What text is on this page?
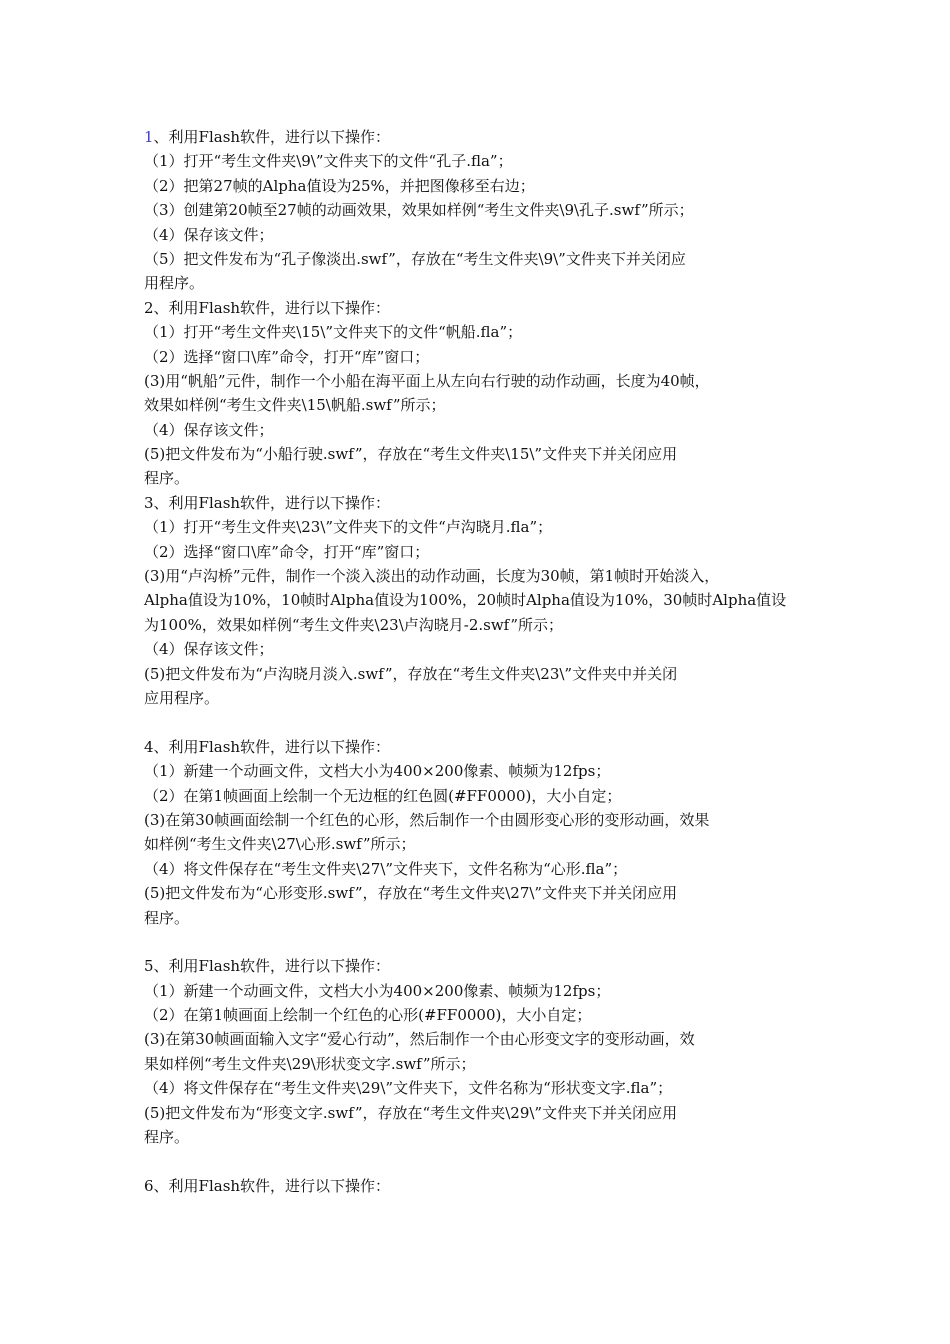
1、利用Flash软件，进行以下操作：
（1）打开“考生文件夹\9\”文件夹下的文件“孔子.fla”；
（2）把第27帧的Alpha值设为25%，并把图像移至右边；
（3）创建第20帧至27帧的动画效果，效果如样例“考生文件夹\9\孔子.swf”所示；
（4）保存该文件；
（5）把文件发布为“孔子像淡出.swf”，存放在“考生文件夹\9\”文件夹下并关闭应
用程序。
2、利用Flash软件，进行以下操作：
（1）打开“考生文件夹\15\”文件夹下的文件“帆船.fla”；
（2）选择“窗口\库”命令，打开“库”窗口；
(3)用“帆船”元件，制作一个小船在海平面上从左向右行驶的动作动画，长度为40帧，
效果如样例“考生文件夹\15\帆船.swf”所示；
（4）保存该文件；
(5)把文件发布为“小船行驶.swf”，存放在“考生文件夹\15\”文件夹下并关闭应用
程序。
3、利用Flash软件，进行以下操作：
（1）打开“考生文件夹\23\”文件夹下的文件“卢沟晓月.fla”；
（2）选择“窗口\库”命令，打开“库”窗口；
(3)用“卢沟桥”元件，制作一个淡入淡出的动作动画，长度为30帧，第1帧时开始淡入，
Alpha值设为10%，10帧时Alpha值设为100%，20帧时Alpha值设为10%，30帧时Alpha值设
为100%，效果如样例“考生文件夹\23\卢沟晓月-2.swf”所示；
（4）保存该文件；
(5)把文件发布为“卢沟晓月淡入.swf”，存放在“考生文件夹\23\”文件夹中并关闭
应用程序。
4、利用Flash软件，进行以下操作：
（1）新建一个动画文件，文档大小为400×200像素、帧频为12fps；
（2）在第1帧画面上绘制一个无边框的红色圆(#FF0000)，大小自定；
(3)在第30帧画面绘制一个红色的心形，然后制作一个由圆形变心形的变形动画，效果
如样例“考生文件夹\27\心形.swf”所示；
（4）将文件保存在“考生文件夹\27\”文件夹下，文件名称为“心形.fla”；
(5)把文件发布为“心形变形.swf”，存放在“考生文件夹\27\”文件夹下并关闭应用
程序。
5、利用Flash软件，进行以下操作：
（1）新建一个动画文件，文档大小为400×200像素、帧频为12fps；
（2）在第1帧画面上绘制一个红色的心形(#FF0000)，大小自定；
(3)在第30帧画面输入文字“爱心行动”，然后制作一个由心形变文字的变形动画，效
果如样例“考生文件夹\29\形状变文字.swf”所示；
（4）将文件保存在“考生文件夹\29\”文件夹下，文件名称为“形状变文字.fla”；
(5)把文件发布为“形变文字.swf”，存放在“考生文件夹\29\”文件夹下并关闭应用
程序。
6、利用Flash软件，进行以下操作：
